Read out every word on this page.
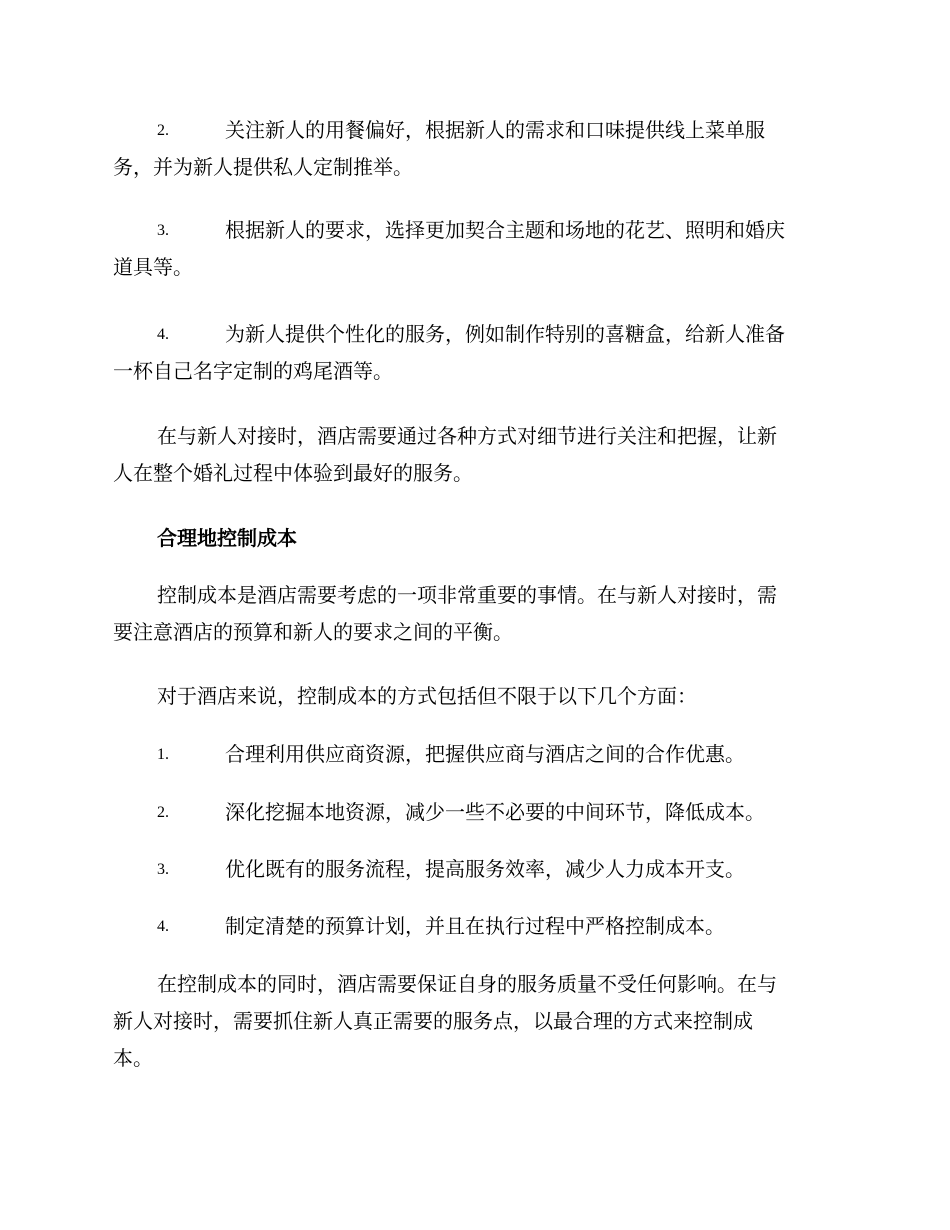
2.	关注新人的用餐偏好，根据新人的需求和口味提供线上菜单服
务，并为新人提供私人定制推举。
3.	根据新人的要求，选择更加契合主题和场地的花艺、照明和婚庆
道具等。
4.	为新人提供个性化的服务，例如制作特别的喜糖盒，给新人准备
一杯自己名字定制的鸡尾酒等。
在与新人对接时，酒店需要通过各种方式对细节进行关注和把握，让新
人在整个婚礼过程中体验到最好的服务。
合理地控制成本
控制成本是酒店需要考虑的一项非常重要的事情。在与新人对接时，需
要注意酒店的预算和新人的要求之间的平衡。
对于酒店来说，控制成本的方式包括但不限于以下几个方面：
1.	合理利用供应商资源，把握供应商与酒店之间的合作优惠。
2.	深化挖掘本地资源，减少一些不必要的中间环节，降低成本。
3.	优化既有的服务流程，提高服务效率，减少人力成本开支。
4.	制定清楚的预算计划，并且在执行过程中严格控制成本。
在控制成本的同时，酒店需要保证自身的服务质量不受任何影响。在与
新人对接时，需要抓住新人真正需要的服务点，以最合理的方式来控制成
本。
